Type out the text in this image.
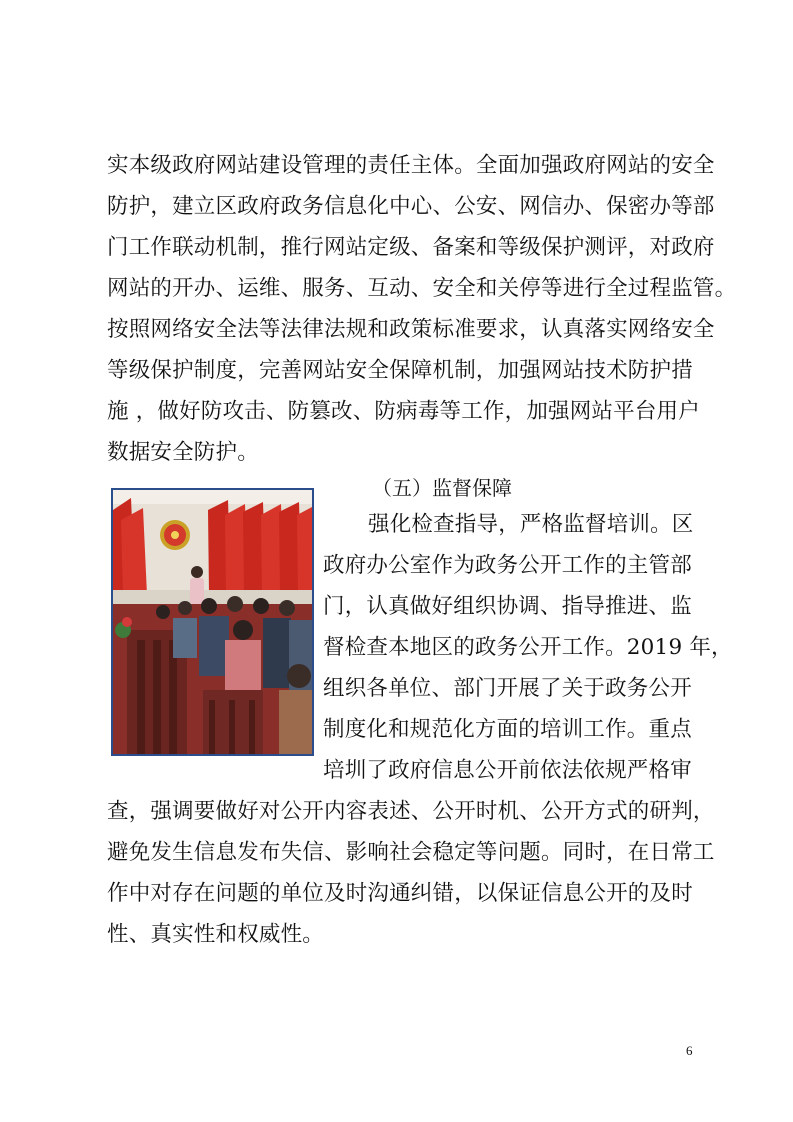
实本级政府网站建设管理的责任主体。全面加强政府网站的安全
防护，建立区政府政务信息化中心、公安、网信办、保密办等部
门工作联动机制，推行网站定级、备案和等级保护测评，对政府
网站的开办、运维、服务、互动、安全和关停等进行全过程监管。
按照网络安全法等法律法规和政策标准要求，认真落实网络安全
等级保护制度，完善网站安全保障机制，加强网站技术防护措
施 ，做好防攻击、防篡改、防病毒等工作，加强网站平台用户
数据安全防护。
（五）监督保障
强化检查指导，严格监督培训。区
政府办公室作为政务公开工作的主管部
门，认真做好组织协调、指导推进、监
督检查本地区的政务公开工作。2019 年，
组织各单位、部门开展了关于政务公开
制度化和规范化方面的培训工作。重点
培圳了政府信息公开前依法依规严格审
查，强调要做好对公开内容表述、公开时机、公开方式的研判，
避免发生信息发布失信、影响社会稳定等问题。同时，在日常工
作中对存在问题的单位及时沟通纠错，以保证信息公开的及时
性、真实性和权威性。
6
